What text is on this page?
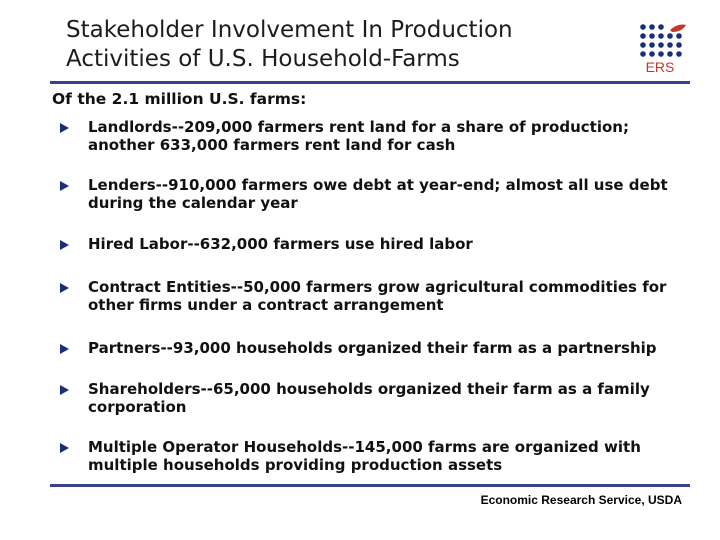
Stakeholder Involvement In Production
Activities of U.S. Household-Farms	ERS

Of the 2.1 million U.S. farms:

Landlords--209,000 farmers rent land for a share of production; another 633,000 farmers rent land for cash
Lenders--910,000 farmers owe debt at year-end; almost all use debt during the calendar year
Hired Labor--632,000 farmers use hired labor
Contract Entities--50,000 farmers grow agricultural commodities for other firms under a contract arrangement
Partners--93,000 households organized their farm as a partnership
Shareholders--65,000 households organized their farm as a family corporation
Multiple Operator Households--145,000 farms are organized with multiple households providing production assets
Economic Research Service, USDA
